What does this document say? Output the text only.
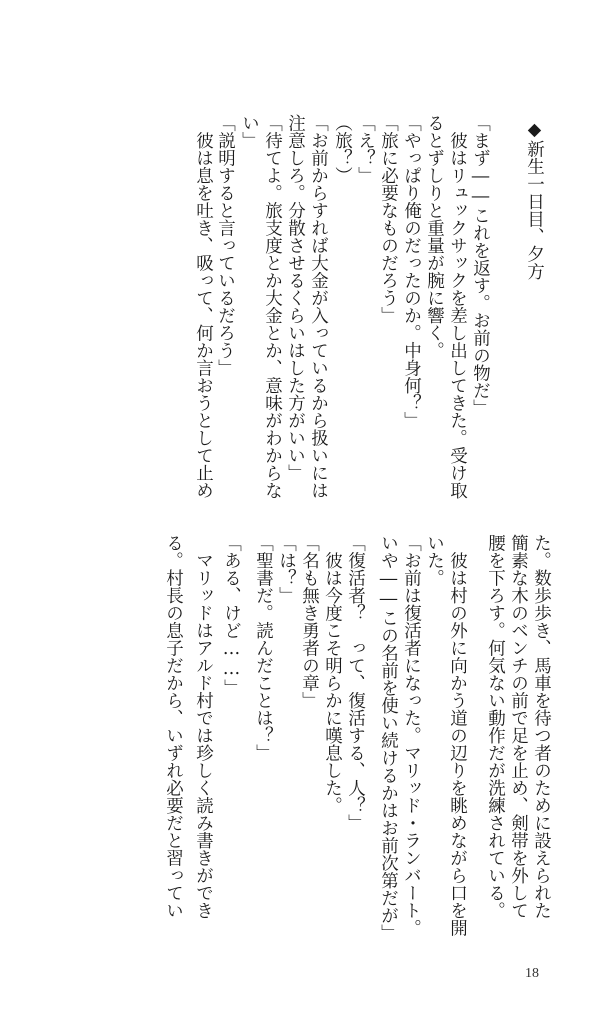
◆新生一日目、夕方
「まず――これを返す。お前の物だ」
　彼はリュックサックを差し出してきた。受け取
るとずしりと重量が腕に響く。
「やっぱり俺のだったのか。中身何？」
「旅に必要なものだろう」
「え？」
（旅？）
「お前からすれば大金が入っているから扱いには
注意しろ。分散させるくらいはした方がいい」
「待てよ。旅支度とか大金とか、意味がわからな
い」
「説明すると言っているだろう」
　彼は息を吐き、吸って、何か言おうとして止め
た。数歩歩き、馬車を待つ者のために設えられた
簡素な木のベンチの前で足を止め、剣帯を外して
腰を下ろす。何気ない動作だが洗練されている。
　彼は村の外に向かう道の辺りを眺めながら口を開
いた。
「お前は復活者になった。マリッド・ランバート。
いや――この名前を使い続けるかはお前次第だが」
「復活者？　って、復活する、人？」
　彼は今度こそ明らかに嘆息した。
「名も無き勇者の章」
「は？」
「聖書だ。読んだことは？」
「ある、けど……」
　マリッドはアルド村では珍しく読み書きができ
る。村長の息子だから、いずれ必要だと習ってい
18
